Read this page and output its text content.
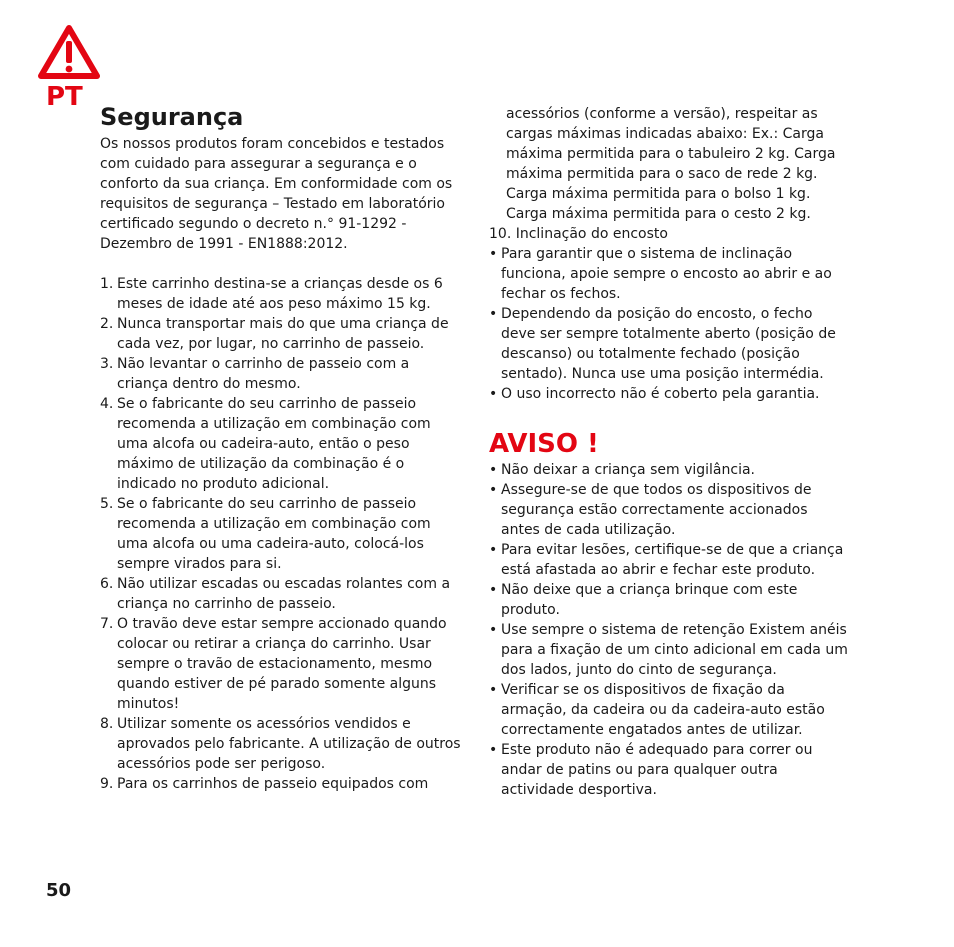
PT
Segurança

Os nossos produtos foram concebidos e testados com cuidado para assegurar a segurança e o conforto da sua criança. Em conformidade com os requisitos de segurança – Testado em laboratório certificado segundo o decreto n.° 91-1292 - Dezembro de 1991 - EN1888:2012.

1. Este carrinho destina-se a crianças desde os 6 meses de idade até aos peso máximo 15 kg.
2. Nunca transportar mais do que uma criança de cada vez, por lugar, no carrinho de passeio.
3. Não levantar o carrinho de passeio com a criança dentro do mesmo.
4. Se o fabricante do seu carrinho de passeio recomenda a utilização em combinação com uma alcofa ou cadeira-auto, então o peso máximo de utilização da combinação é o indicado no produto adicional.
5. Se o fabricante do seu carrinho de passeio recomenda a utilização em combinação com uma alcofa ou uma cadeira-auto, colocá-los sempre virados para si.
6. Não utilizar escadas ou escadas rolantes com a criança no carrinho de passeio.
7. O travão deve estar sempre accionado quando colocar ou retirar a criança do carrinho. Usar sempre o travão de estacionamento, mesmo quando estiver de pé parado somente alguns minutos!
8. Utilizar somente os acessórios vendidos e aprovados pelo fabricante. A utilização de outros acessórios pode ser perigoso.
9. Para os carrinhos de passeio equipados com

acessórios (conforme a versão), respeitar as cargas máximas indicadas abaixo: Ex.: Carga máxima permitida para o tabuleiro 2 kg. Carga máxima permitida para o saco de rede 2 kg. Carga máxima permitida para o bolso 1 kg. Carga máxima permitida para o cesto 2 kg.

10. Inclinação do encosto

• Para garantir que o sistema de inclinação funciona, apoie sempre o encosto ao abrir e ao fechar os fechos.
• Dependendo da posição do encosto, o fecho deve ser sempre totalmente aberto (posição de descanso) ou totalmente fechado (posição sentado). Nunca use uma posição intermédia.
• O uso incorrecto não é coberto pela garantia.
AVISO !
• Não deixar a criança sem vigilância.
• Assegure-se de que todos os dispositivos de segurança estão correctamente accionados antes de cada utilização.
• Para evitar lesões, certifique-se de que a criança está afastada ao abrir e fechar este produto.
• Não deixe que a criança brinque com este produto.
• Use sempre o sistema de retenção Existem anéis para a fixação de um cinto adicional em cada um dos lados, junto do cinto de segurança.
• Verificar se os dispositivos de fixação da armação, da cadeira ou da cadeira-auto estão correctamente engatados antes de utilizar.
• Este produto não é adequado para correr ou andar de patins ou para qualquer outra actividade desportiva.
50
